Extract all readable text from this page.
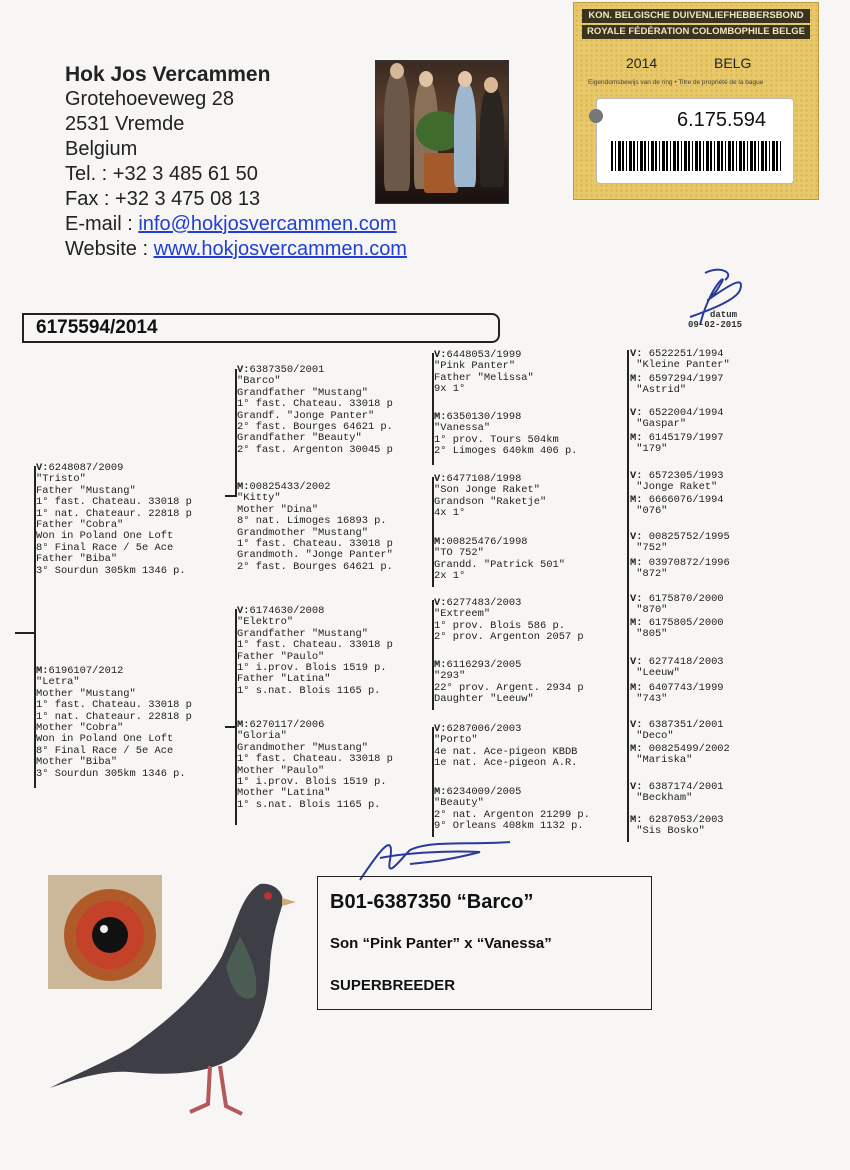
Hok Jos Vercammen
Grotehoeveweg 28
2531 Vremde
Belgium
Tel. : +32 3 485 61 50
Fax : +32 3 475 08 13
E-mail : info@hokjosvercammen.com
Website : www.hokjosvercammen.com
KON. BELGISCHE DUIVENLIEFHEBBERSBOND
ROYALE FÉDÉRATION COLOMBOPHILE BELGE
2014	BELG
Eigendomsbewijs van de ring • Titre de propriété de la bague
6.175.594
datum
09-02-2015
6175594/2014
V:6248087/2009
"Tristo"
Father "Mustang"
1° fast. Chateau. 33018 p
1° nat. Chateaur. 22818 p
Father "Cobra"
Won in Poland One Loft
8° Final Race / 5e Ace
Father "Biba"
3° Sourdun 305km 1346 p.
M:6196107/2012
"Letra"
Mother "Mustang"
1° fast. Chateau. 33018 p
1° nat. Chateaur. 22818 p
Mother "Cobra"
Won in Poland One Loft
8° Final Race / 5e Ace
Mother "Biba"
3° Sourdun 305km 1346 p.
V:6387350/2001
"Barco"
Grandfather "Mustang"
1° fast. Chateau. 33018 p
Grandf. "Jonge Panter"
2° fast. Bourges 64621 p.
Grandfather "Beauty"
2° fast. Argenton 30045 p
M:00825433/2002
"Kitty"
Mother "Dina"
8° nat. Limoges 16893 p.
Grandmother "Mustang"
1° fast. Chateau. 33018 p
Grandmoth. "Jonge Panter"
2° fast. Bourges 64621 p.
V:6174630/2008
"Elektro"
Grandfather "Mustang"
1° fast. Chateau. 33018 p
Father "Paulo"
1° i.prov. Blois 1519 p.
Father "Latina"
1° s.nat. Blois 1165 p.
M:6270117/2006
"Gloria"
Grandmother "Mustang"
1° fast. Chateau. 33018 p
Mother "Paulo"
1° i.prov. Blois 1519 p.
Mother "Latina"
1° s.nat. Blois 1165 p.
V:6448053/1999
"Pink Panter"
Father "Melissa"
9x 1°
M:6350130/1998
"Vanessa"
1° prov. Tours 504km
2° Limoges 640km 406 p.
V:6477108/1998
"Son Jonge Raket"
Grandson "Raketje"
4x 1°
M:00825476/1998
"TO 752"
Grandd. "Patrick 501"
2x 1°
V:6277483/2003
"Extreem"
1° prov. Blois 586 p.
2° prov. Argenton 2057 p
M:6116293/2005
"293"
22° prov. Argent. 2934 p
Daughter "Leeuw"
V:6287006/2003
"Porto"
4e nat. Ace-pigeon KBDB
1e nat. Ace-pigeon A.R.
M:6234009/2005
"Beauty"
2° nat. Argenton 21299 p.
9° Orleans 408km 1132 p.
V: 6522251/1994
"Kleine Panter"
M: 6597294/1997
"Astrid"
V: 6522004/1994
"Gaspar"
M: 6145179/1997
"179"
V: 6572305/1993
"Jonge Raket"
M: 6666076/1994
"076"
V: 00825752/1995
"752"
M: 03970872/1996
"872"
V: 6175870/2000
"870"
M: 6175805/2000
"805"
V: 6277418/2003
"Leeuw"
M: 6407743/1999
"743"
V: 6387351/2001
"Deco"
M: 00825499/2002
"Mariska"
V: 6387174/2001
"Beckham"
M: 6287053/2003
"Sis Bosko"
B01-6387350 “Barco”
Son “Pink Panter” x “Vanessa”
SUPERBREEDER
